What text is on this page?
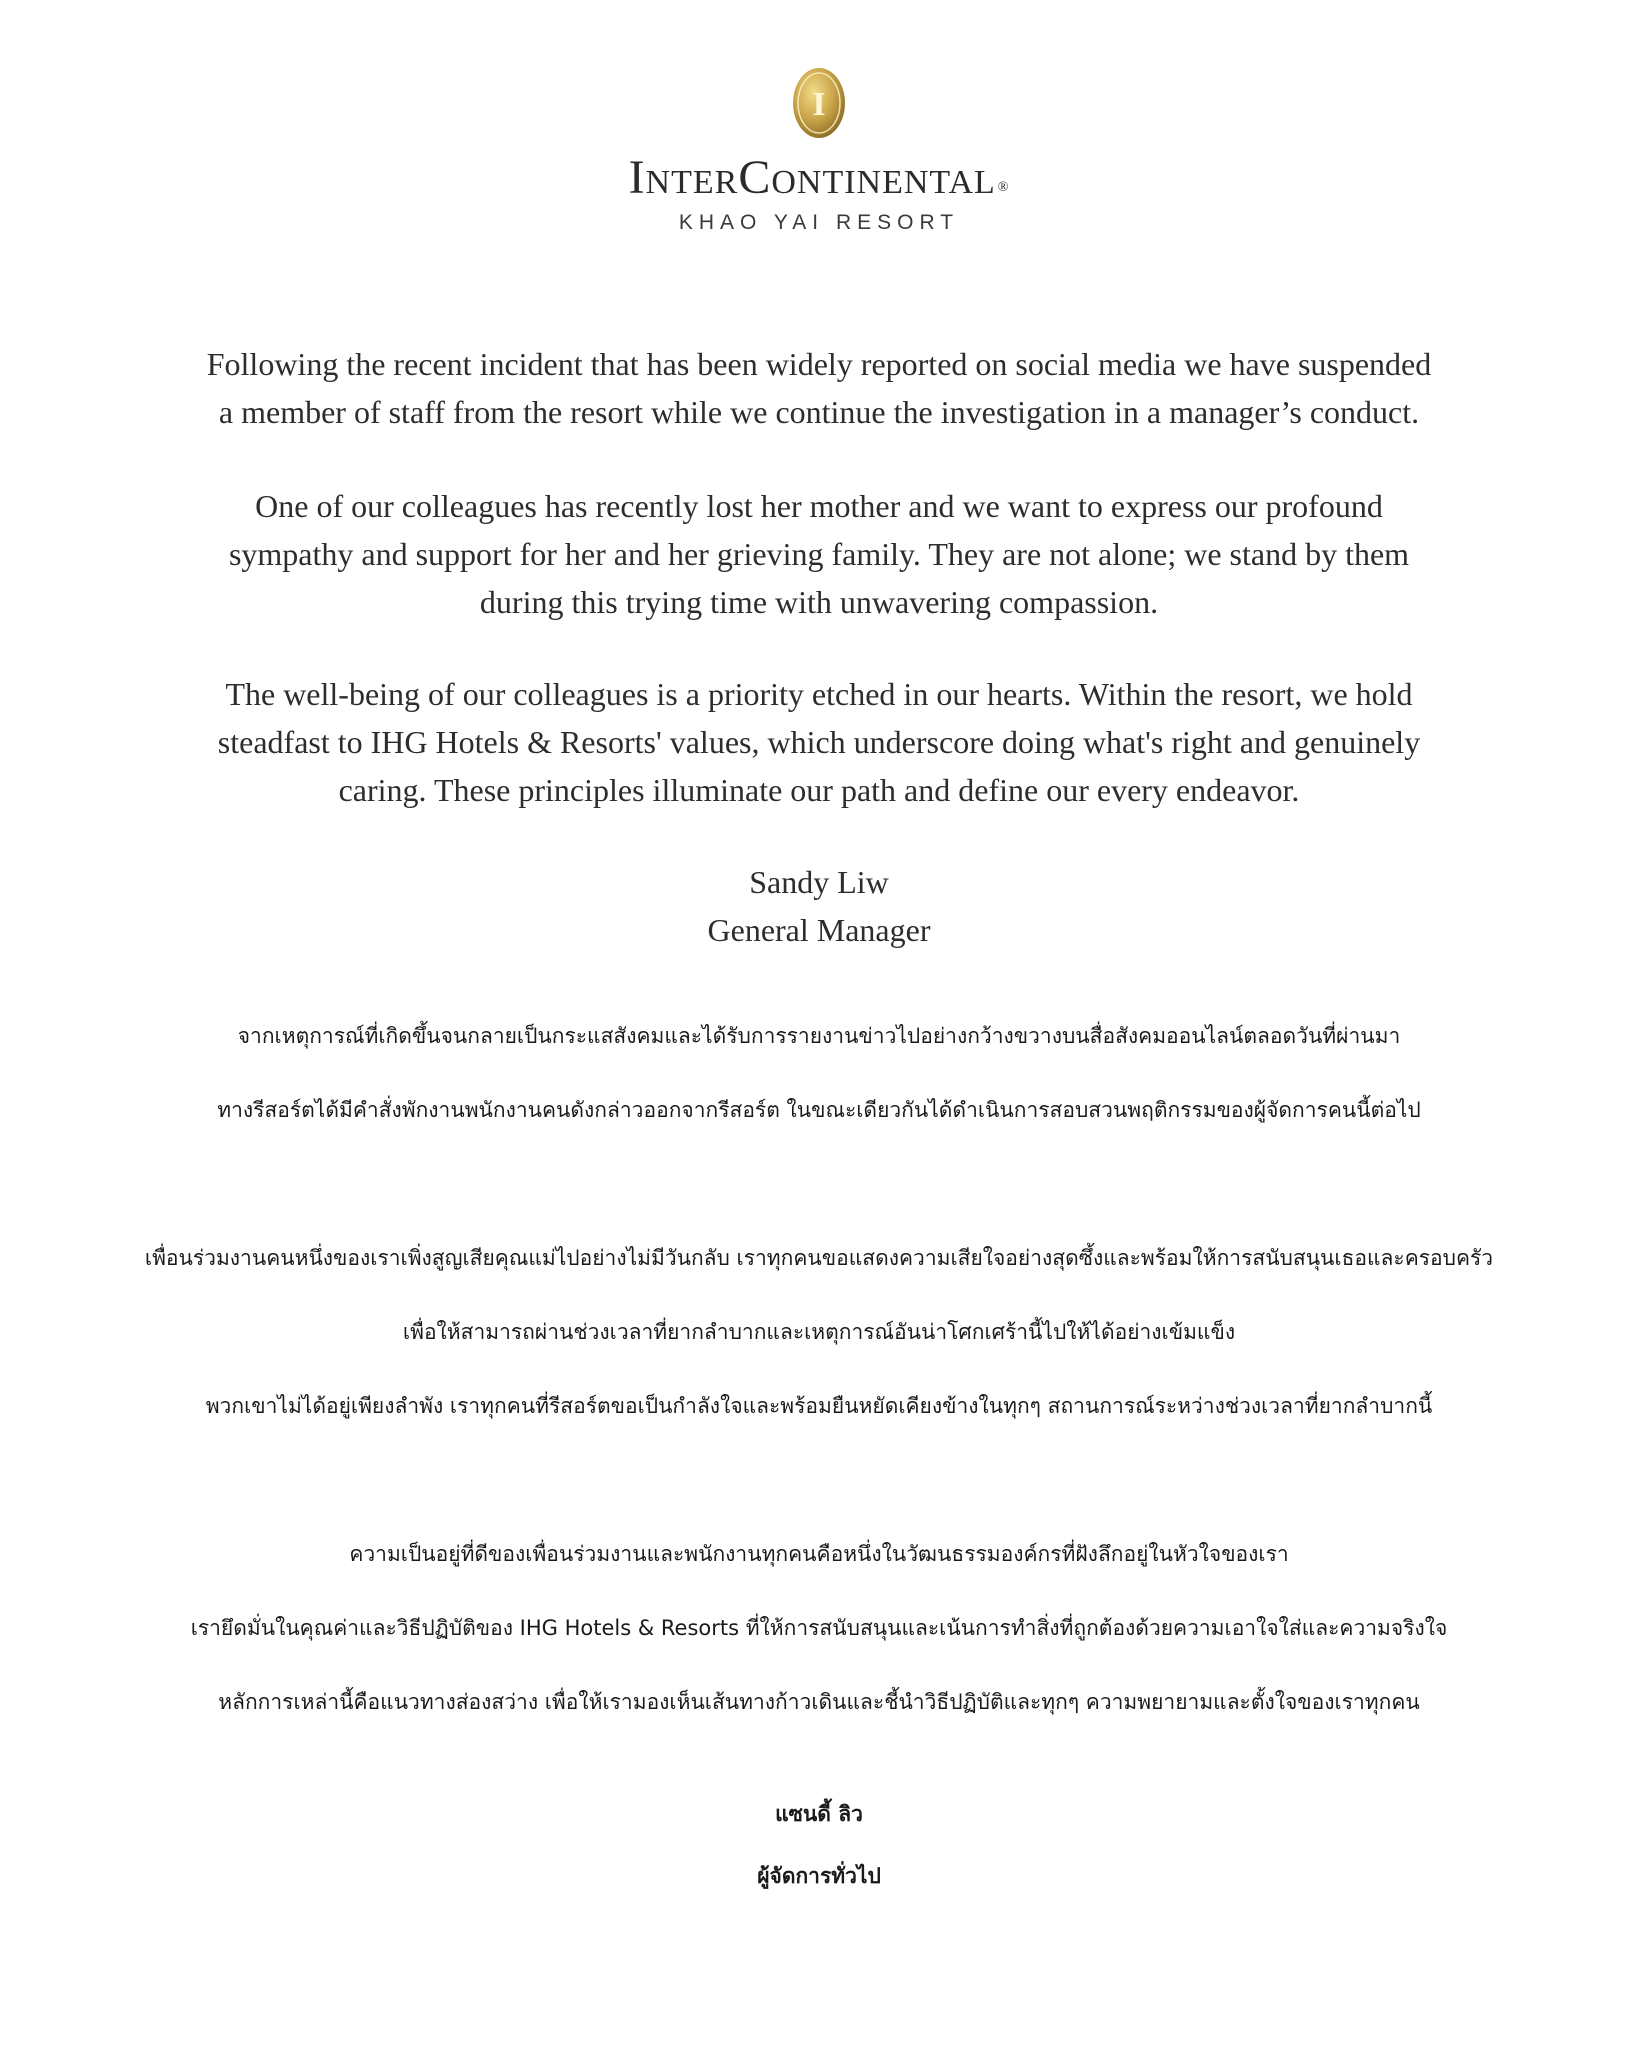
I
InterContinental ®
KHAO YAI RESORT

Following the recent incident that has been widely reported on social media we have suspended

a member of staff from the resort while we continue the investigation in a manager’s conduct.

One of our colleagues has recently lost her mother and we want to express our profound

sympathy and support for her and her grieving family. They are not alone; we stand by them

during this trying time with unwavering compassion.

The well-being of our colleagues is a priority etched in our hearts. Within the resort, we hold

steadfast to IHG Hotels & Resorts' values, which underscore doing what's right and genuinely

caring. These principles illuminate our path and define our every endeavor.

Sandy Liw

General Manager

จากเหตุการณ์ที่เกิดขึ้นจนกลายเป็นกระแสสังคมและได้รับการรายงานข่าวไปอย่างกว้างขวางบนสื่อสังคมออนไลน์ตลอดวันที่ผ่านมา
ทางรีสอร์ตได้มีคำสั่งพักงานพนักงานคนดังกล่าวออกจากรีสอร์ต ในขณะเดียวกันได้ดำเนินการสอบสวนพฤติกรรมของผู้จัดการคนนี้ต่อไป
เพื่อนร่วมงานคนหนึ่งของเราเพิ่งสูญเสียคุณแม่ไปอย่างไม่มีวันกลับ เราทุกคนขอแสดงความเสียใจอย่างสุดซึ้งและพร้อมให้การสนับสนุนเธอและครอบครัว
เพื่อให้สามารถผ่านช่วงเวลาที่ยากลำบากและเหตุการณ์อันน่าโศกเศร้านี้ไปให้ได้อย่างเข้มแข็ง
พวกเขาไม่ได้อยู่เพียงลำพัง เราทุกคนที่รีสอร์ตขอเป็นกำลังใจและพร้อมยืนหยัดเคียงข้างในทุกๆ สถานการณ์ระหว่างช่วงเวลาที่ยากลำบากนี้
ความเป็นอยู่ที่ดีของเพื่อนร่วมงานและพนักงานทุกคนคือหนึ่งในวัฒนธรรมองค์กรที่ฝังลึกอยู่ในหัวใจของเรา
เรายึดมั่นในคุณค่าและวิธีปฏิบัติของ IHG Hotels & Resorts ที่ให้การสนับสนุนและเน้นการทำสิ่งที่ถูกต้องด้วยความเอาใจใส่และความจริงใจ
หลักการเหล่านี้คือแนวทางส่องสว่าง เพื่อให้เรามองเห็นเส้นทางก้าวเดินและชี้นำวิธีปฏิบัติและทุกๆ ความพยายามและตั้งใจของเราทุกคน
แซนดี้ ลิว
ผู้จัดการทั่วไป
